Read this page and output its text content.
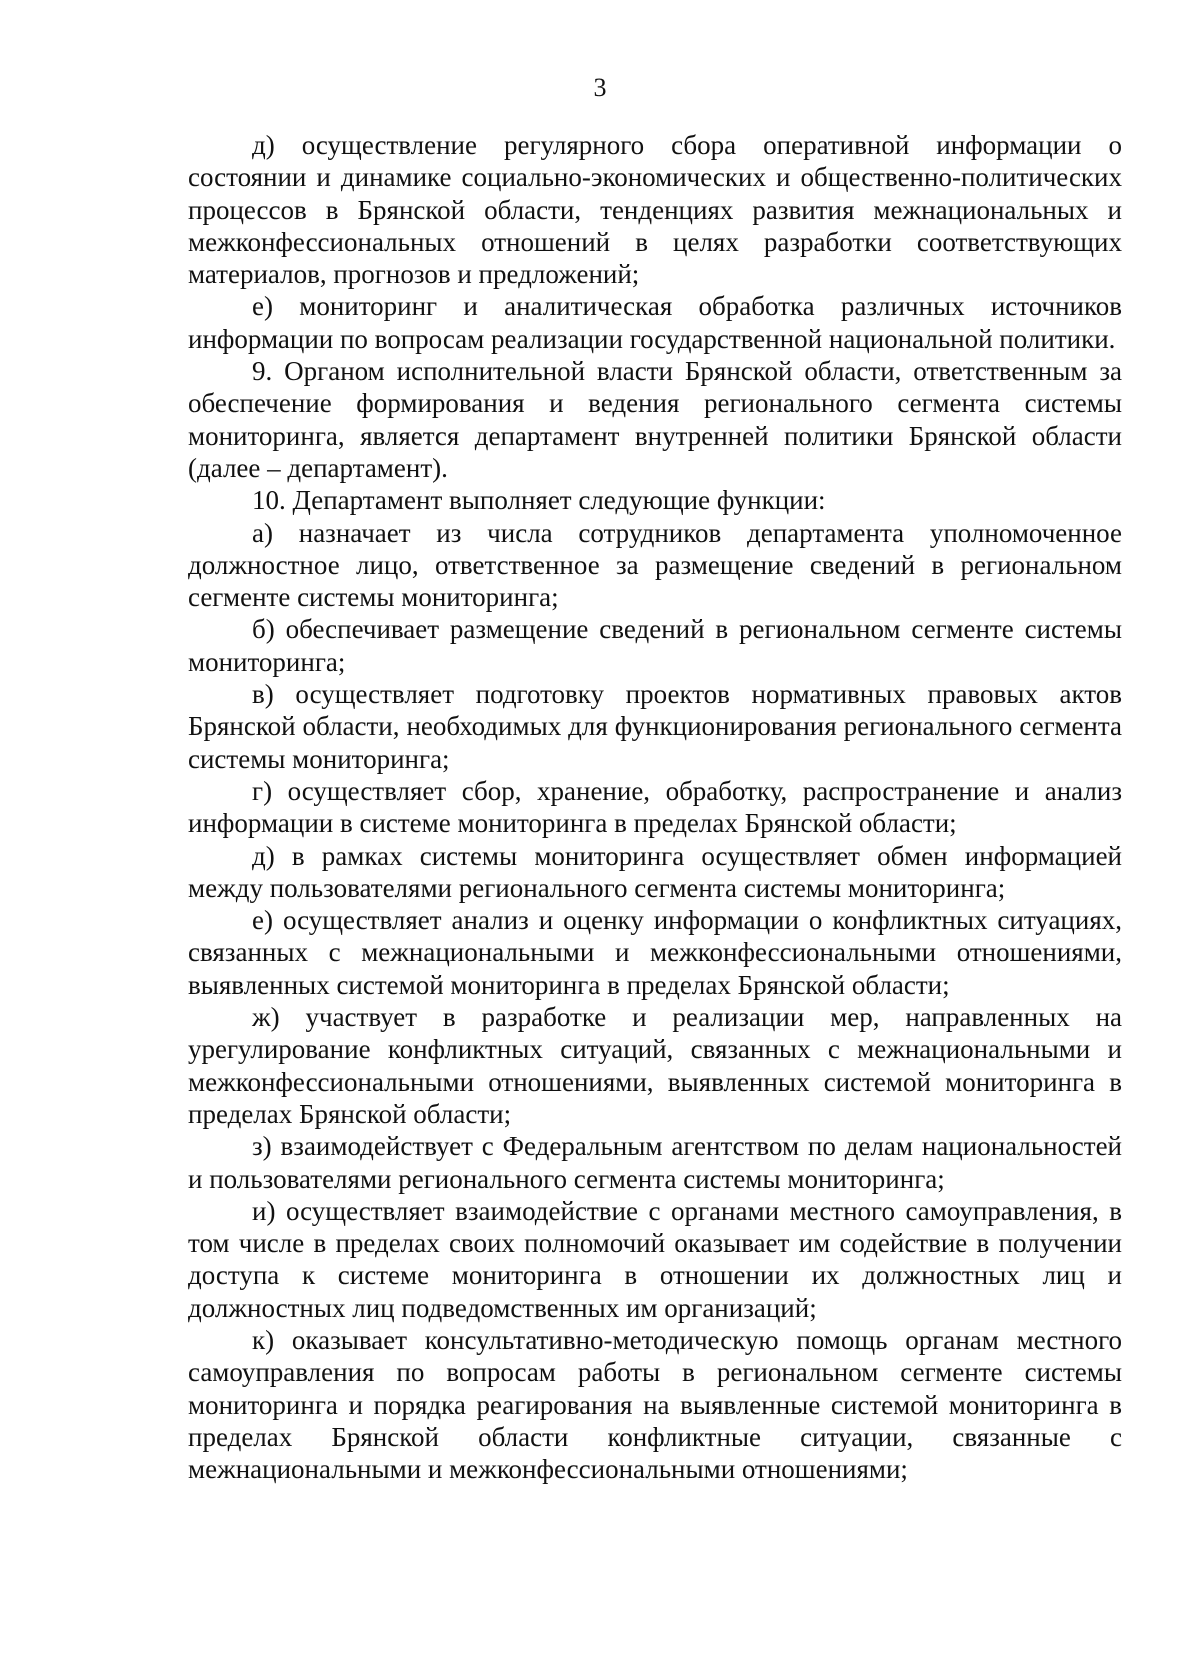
3

д) осуществление регулярного сбора оперативной информации о состоянии и динамике социально-экономических и общественно-политических процессов в Брянской области, тенденциях развития межнациональных и межконфессиональных отношений в целях разработки соответствующих материалов, прогнозов и предложений;

е) мониторинг и аналитическая обработка различных источников информации по вопросам реализации государственной национальной политики.

9. Органом исполнительной власти Брянской области, ответственным за обеспечение формирования и ведения регионального сегмента системы мониторинга, является департамент внутренней политики Брянской области (далее – департамент).

10. Департамент выполняет следующие функции:

а) назначает из числа сотрудников департамента уполномоченное должностное лицо, ответственное за размещение сведений в региональном сегменте системы мониторинга;

б) обеспечивает размещение сведений в региональном сегменте системы мониторинга;

в) осуществляет подготовку проектов нормативных правовых актов Брянской области, необходимых для функционирования регионального сегмента системы мониторинга;

г) осуществляет сбор, хранение, обработку, распространение и анализ информации в системе мониторинга в пределах Брянской области;

д) в рамках системы мониторинга осуществляет обмен информацией между пользователями регионального сегмента системы мониторинга;

е) осуществляет анализ и оценку информации о конфликтных ситуациях, связанных с межнациональными и межконфессиональными отношениями, выявленных системой мониторинга в пределах Брянской области;

ж) участвует в разработке и реализации мер, направленных на урегулирование конфликтных ситуаций, связанных с межнациональными и межконфессиональными отношениями, выявленных системой мониторинга в пределах Брянской области;

з) взаимодействует с Федеральным агентством по делам национальностей и пользователями регионального сегмента системы мониторинга;

и) осуществляет взаимодействие с органами местного самоуправления, в том числе в пределах своих полномочий оказывает им содействие в получении доступа к системе мониторинга в отношении их должностных лиц и должностных лиц подведомственных им организаций;

к) оказывает консультативно-методическую помощь органам местного самоуправления по вопросам работы в региональном сегменте системы мониторинга и порядка реагирования на выявленные системой мониторинга в пределах Брянской области конфликтные ситуации, связанные с межнациональными и межконфессиональными отношениями;
